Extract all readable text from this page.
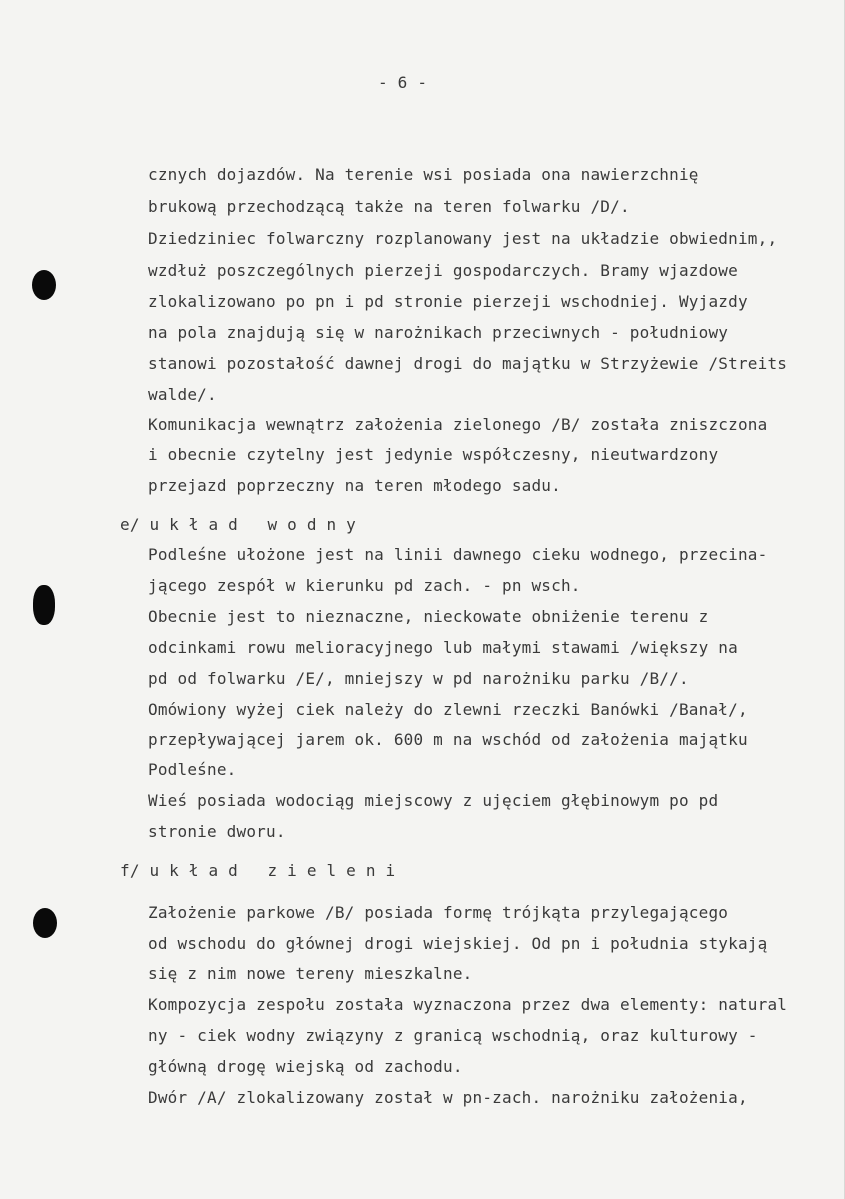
- 6 -
cznych dojazdów. Na terenie wsi posiada ona nawierzchnię
brukową przechodzącą także na teren folwarku /D/.
Dziedziniec folwarczny rozplanowany jest na układzie obwiednim,,
wzdłuż poszczególnych pierzeji gospodarczych. Bramy wjazdowe
zlokalizowano po pn i pd stronie pierzeji wschodniej. Wyjazdy
na pola znajdują się w narożnikach przeciwnych - południowy
stanowi pozostałość dawnej drogi do majątku w Strzyżewie /Streits
walde/.
Komunikacja wewnątrz założenia zielonego /B/ została zniszczona
i obecnie czytelny jest jedynie współczesny, nieutwardzony
przejazd poprzeczny na teren młodego sadu.
e/ u k ł a d   w o d n y
Podleśne ułożone jest na linii dawnego cieku wodnego, przecina-
jącego zespół w kierunku pd zach. - pn wsch.
Obecnie jest to nieznaczne, nieckowate obniżenie terenu z
odcinkami rowu melioracyjnego lub małymi stawami /większy na
pd od folwarku /E/, mniejszy w pd narożniku parku /B//.
Omówiony wyżej ciek należy do zlewni rzeczki Banówki /Banał/,
przepływającej jarem ok. 600 m na wschód od założenia majątku
Podleśne.
Wieś posiada wodociąg miejscowy z ujęciem głębinowym po pd
stronie dworu.
f/ u k ł a d   z i e l e n i
Założenie parkowe /B/ posiada formę trójkąta przylegającego
od wschodu do głównej drogi wiejskiej. Od pn i południa stykają
się z nim nowe tereny mieszkalne.
Kompozycja zespołu została wyznaczona przez dwa elementy: natural
ny - ciek wodny związyny z granicą wschodnią, oraz kulturowy -
główną drogę wiejską od zachodu.
Dwór /A/ zlokalizowany został w pn-zach. narożniku założenia,
